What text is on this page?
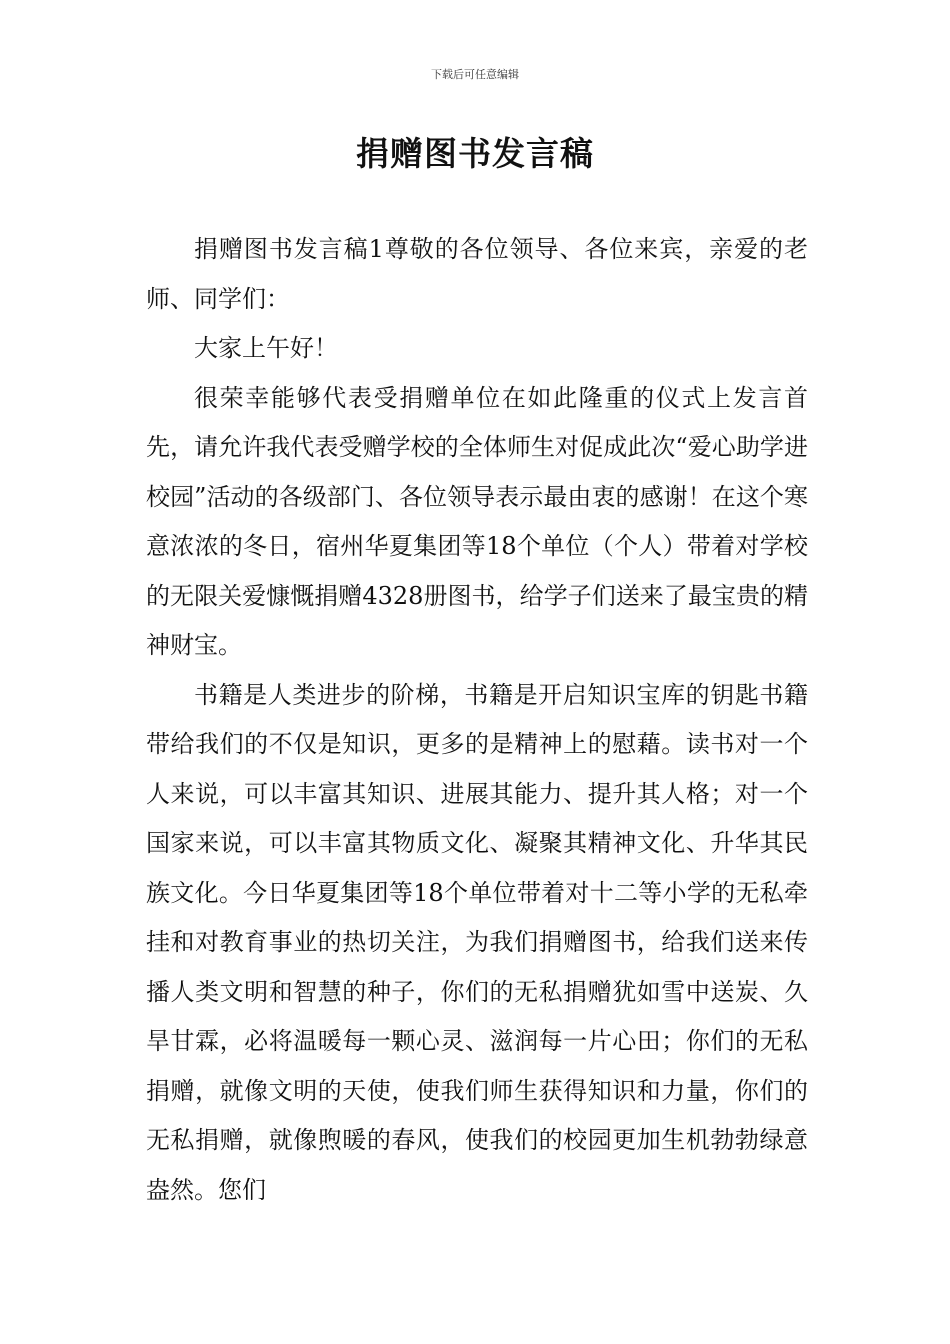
下载后可任意编辑
捐赠图书发言稿

捐赠图书发言稿1尊敬的各位领导、各位来宾，亲爱的老师、同学们：

大家上午好！

很荣幸能够代表受捐赠单位在如此隆重的仪式上发言首先，请允许我代表受赠学校的全体师生对促成此次“爱心助学进校园”活动的各级部门、各位领导表示最由衷的感谢！在这个寒意浓浓的冬日，宿州华夏集团等18个单位（个人）带着对学校的无限关爱慷慨捐赠4328册图书，给学子们送来了最宝贵的精神财宝。

书籍是人类进步的阶梯，书籍是开启知识宝库的钥匙书籍带给我们的不仅是知识，更多的是精神上的慰藉。读书对一个人来说，可以丰富其知识、进展其能力、提升其人格；对一个国家来说，可以丰富其物质文化、凝聚其精神文化、升华其民族文化。今日华夏集团等18个单位带着对十二等小学的无私牵挂和对教育事业的热切关注，为我们捐赠图书，给我们送来传播人类文明和智慧的种子，你们的无私捐赠犹如雪中送炭、久旱甘霖，必将温暖每一颗心灵、滋润每一片心田；你们的无私捐赠，就像文明的天使，使我们师生获得知识和力量，你们的无私捐赠，就像煦暖的春风，使我们的校园更加生机勃勃绿意盎然。您们
